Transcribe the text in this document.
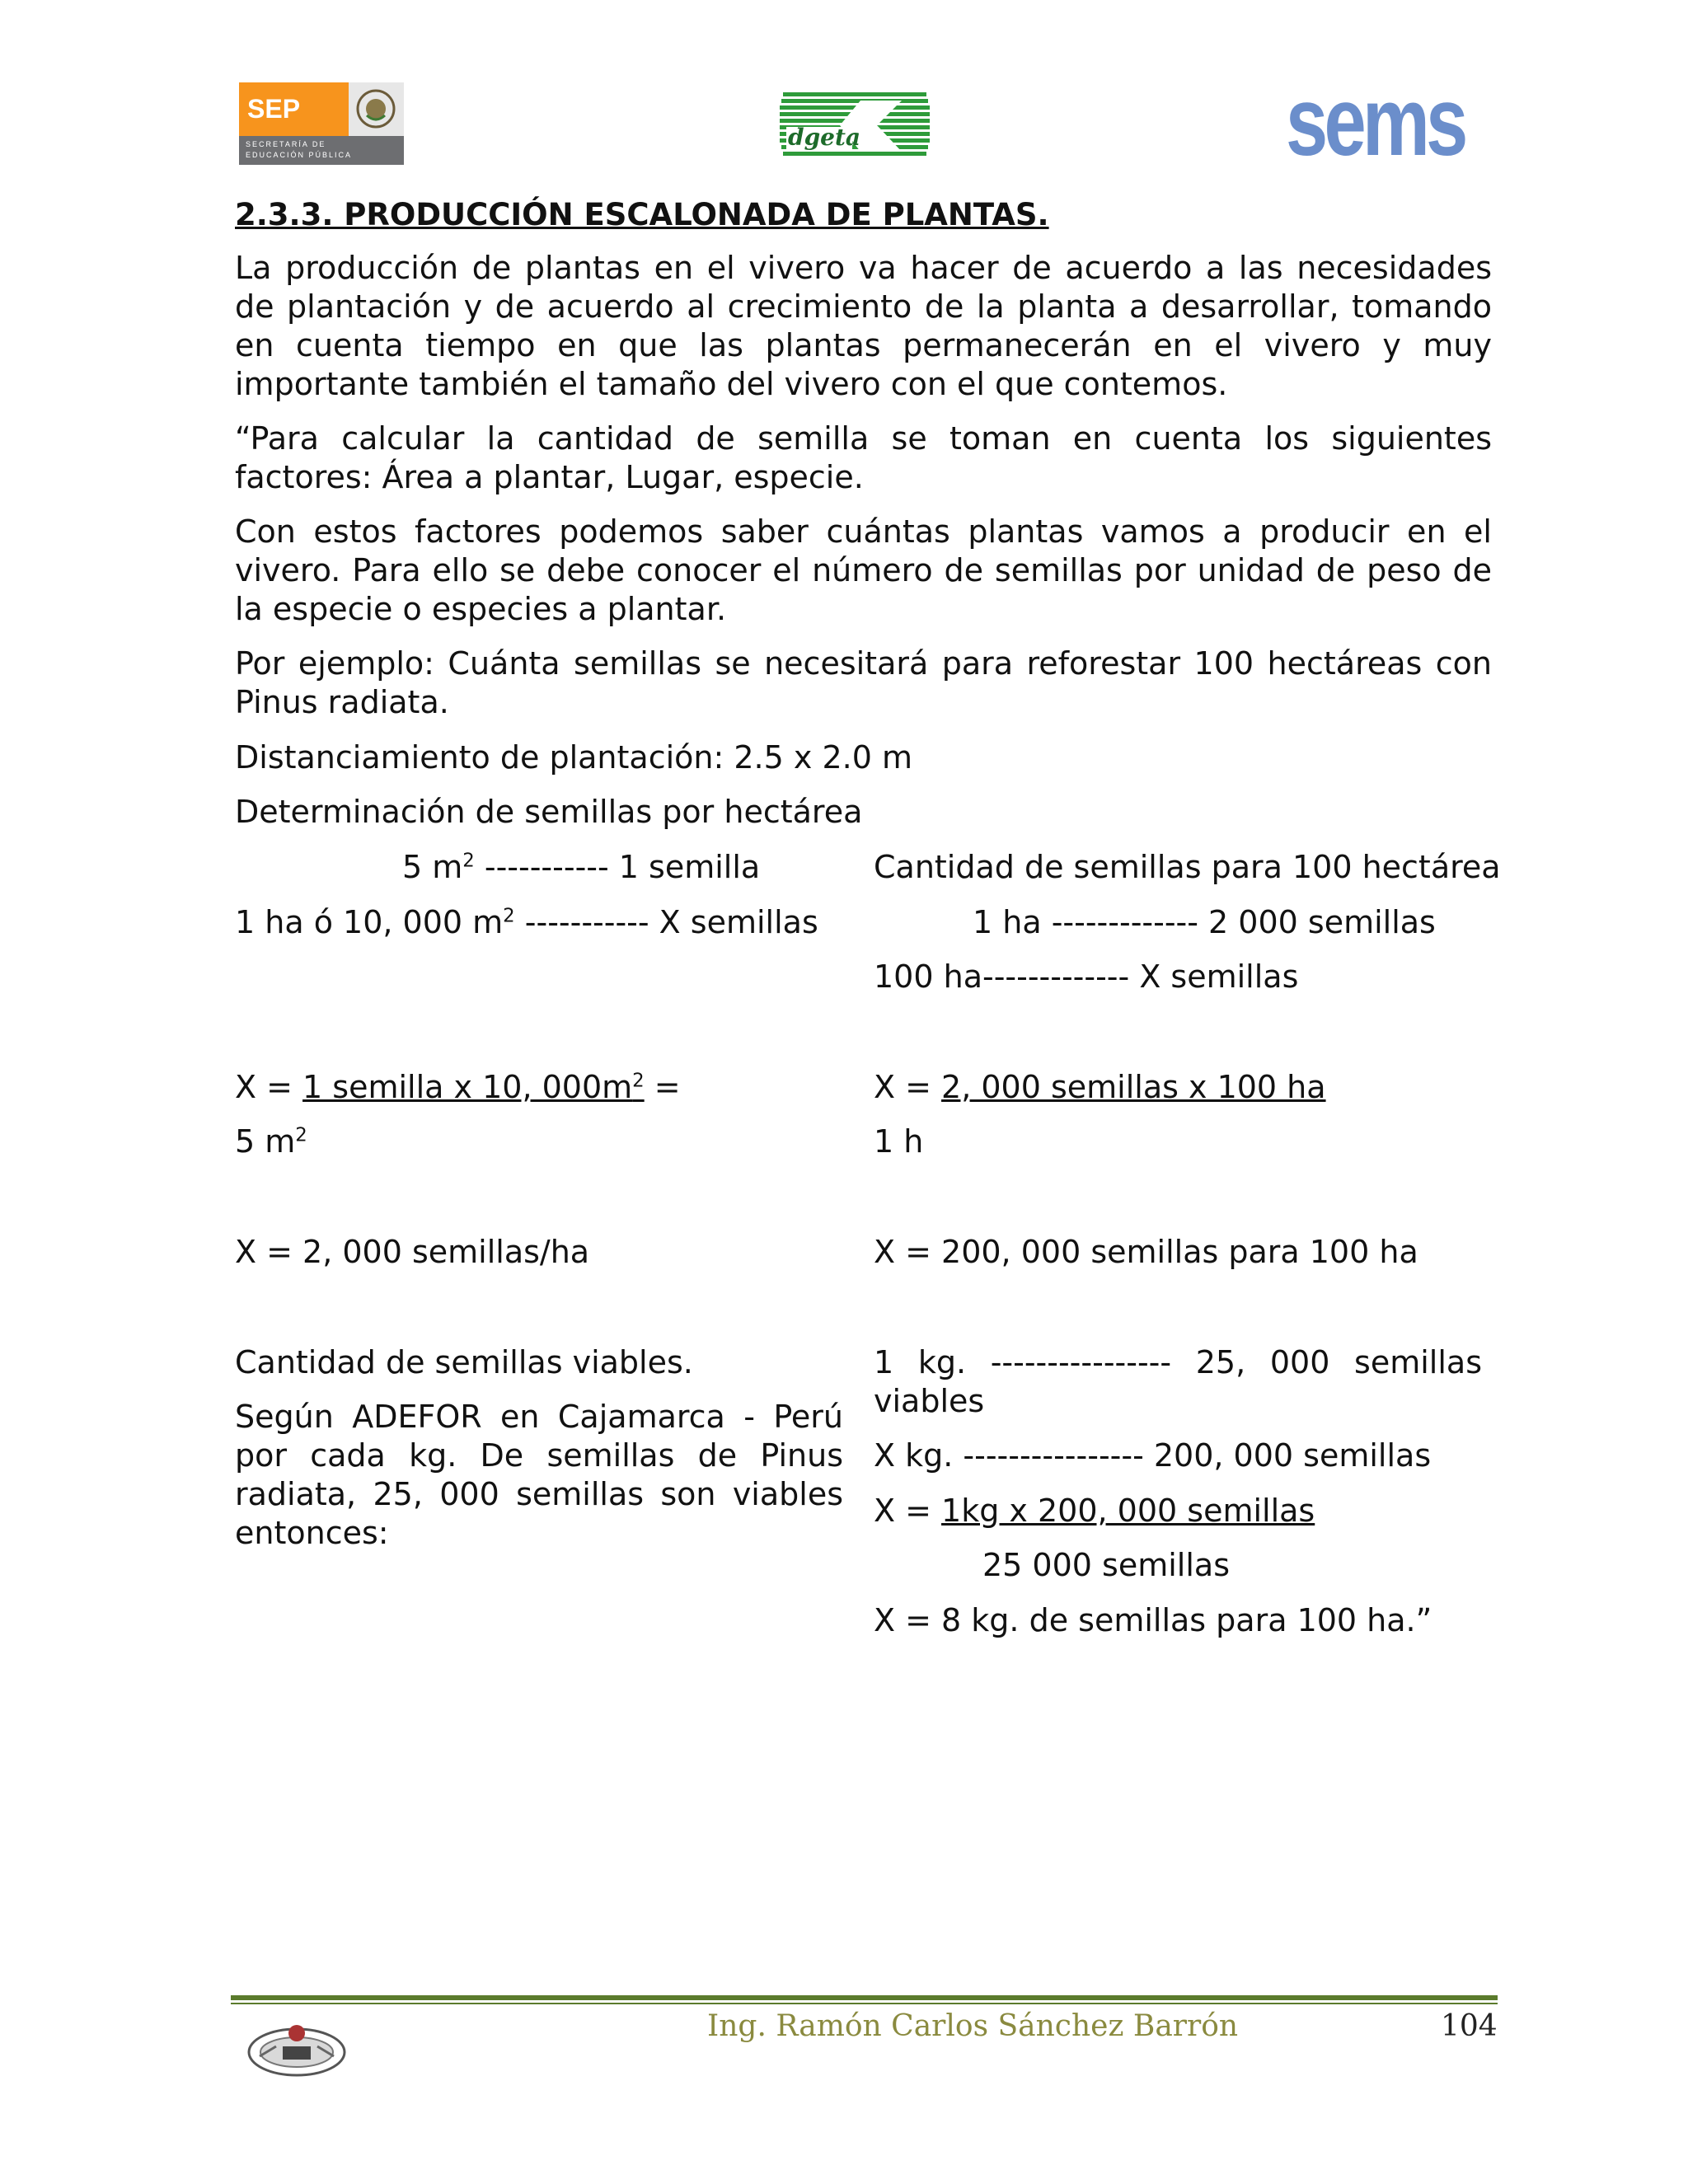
SEP
SECRETARÍA DE
EDUCACIÓN PÚBLICA
dgeta	sems
2.3.3. PRODUCCIÓN ESCALONADA DE PLANTAS.
La producción de plantas en el vivero va hacer de acuerdo a las necesidades de plantación y de acuerdo al crecimiento de la planta a desarrollar, tomando en cuenta tiempo en que las plantas permanecerán en el vivero y muy importante también el tamaño del vivero con el que contemos.
“Para calcular la cantidad de semilla se toman en cuenta los siguientes factores: Área a plantar, Lugar, especie.
Con estos factores podemos saber cuántas plantas vamos a producir en el vivero. Para ello se debe conocer el número de semillas por unidad de peso de la especie o especies a plantar.
Por ejemplo: Cuánta semillas se necesitará para reforestar 100 hectáreas con Pinus radiata.
Distanciamiento de plantación: 2.5 x 2.0 m
Determinación de semillas por hectárea
5 $m^2$ ----------- 1 semilla
1 ha ó 10, 000 $m^2$ ----------- X semillas
X = 1 semilla x 10, $000m^2$ =
5 $m^2$
X = 2, 000 semillas/ha
Cantidad de semillas viables.
Según ADEFOR en Cajamarca - Perú por cada kg. De semillas de Pinus radiata, 25, 000 semillas son viables entonces:
Cantidad de semillas para 100 hectárea
1 ha ------------- 2 000 semillas
100 ha------------- X semillas
X = 2, 000 semillas x 100 ha
1 h
X = 200, 000 semillas para 100 ha
1 kg. ---------------- 25, 000 semillas viables
X kg. ---------------- 200, 000 semillas
X = 1kg x 200, 000 semillas
25 000 semillas
X = 8 kg. de semillas para 100 ha.”
Ing. Ramón Carlos Sánchez Barrón	104
